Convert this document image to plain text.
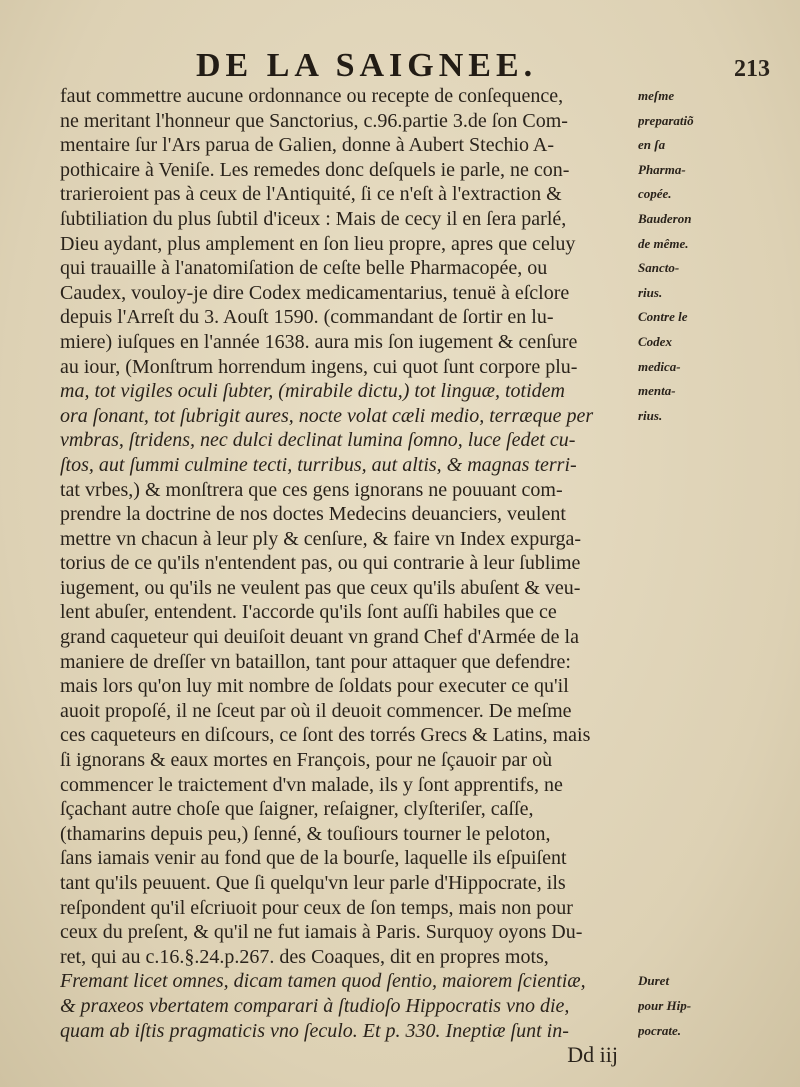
DE LA SAIGNEE.	213
faut commettre aucune ordonnance ou recepte de conſequence,
ne meritant l'honneur que Sanctorius, c.96.partie 3.de ſon Com-
mentaire ſur l'Ars parua de Galien, donne à Aubert Stechio A-
pothicaire à Veniſe. Les remedes donc deſquels ie parle, ne con-
trarieroient pas à ceux de l'Antiquité, ſi ce n'eſt à l'extraction &
ſubtiliation du plus ſubtil d'iceux : Mais de cecy il en ſera parlé,
Dieu aydant, plus amplement en ſon lieu propre, apres que celuy
qui trauaille à l'anatomiſation de ceſte belle Pharmacopée, ou
Caudex, vouloy-je dire Codex medicamentarius, tenuë à eſclore
depuis l'Arreſt du 3. Aouſt 1590. (commandant de ſortir en lu-
miere) iuſques en l'année 1638. aura mis ſon iugement & cenſure
au iour, (Monſtrum horrendum ingens, cui quot ſunt corpore plu-
ma, tot vigiles oculi ſubter, (mirabile dictu,) tot linguæ, totidem
ora ſonant, tot ſubrigit aures, nocte volat cæli medio, terræque per
vmbras, ſtridens, nec dulci declinat lumina ſomno, luce ſedet cu-
ſtos, aut ſummi culmine tecti, turribus, aut altis, & magnas terri-
tat vrbes,) & monſtrera que ces gens ignorans ne pouuant com-
prendre la doctrine de nos doctes Medecins deuanciers, veulent
mettre vn chacun à leur ply & cenſure, & faire vn Index expurga-
torius de ce qu'ils n'entendent pas, ou qui contrarie à leur ſublime
iugement, ou qu'ils ne veulent pas que ceux qu'ils abuſent & veu-
lent abuſer, entendent. I'accorde qu'ils ſont auſſi habiles que ce
grand caqueteur qui deuiſoit deuant vn grand Chef d'Armée de la
maniere de dreſſer vn bataillon, tant pour attaquer que defendre:
mais lors qu'on luy mit nombre de ſoldats pour executer ce qu'il
auoit propoſé, il ne ſceut par où il deuoit commencer. De meſme
ces caqueteurs en diſcours, ce ſont des torrés Grecs & Latins, mais
ſi ignorans & eaux mortes en François, pour ne ſçauoir par où
commencer le traictement d'vn malade, ils y ſont apprentifs, ne
ſçachant autre choſe que ſaigner, reſaigner, clyſteriſer, caſſe,
(thamarins depuis peu,) ſenné, & touſiours tourner le peloton,
ſans iamais venir au fond que de la bourſe, laquelle ils eſpuiſent
tant qu'ils peuuent. Que ſi quelqu'vn leur parle d'Hippocrate, ils
reſpondent qu'il eſcriuoit pour ceux de ſon temps, mais non pour
ceux du preſent, & qu'il ne fut iamais à Paris. Surquoy oyons Du-
ret, qui au c.16.§.24.p.267. des Coaques, dit en propres mots,
Fremant licet omnes, dicam tamen quod ſentio, maiorem ſcientiæ,
& praxeos vbertatem comparari à ſtudioſo Hippocratis vno die,
quam ab iſtis pragmaticis vno ſeculo. Et p. 330. Ineptiæ ſunt in-
Dd iij
meſme
preparatiõ
en ſa
Pharma-
copée.
Bauderon
de même.
Sancto-
rius.
Contre le
Codex
medica-
menta-
rius.
Duret
pour Hip-
pocrate.
